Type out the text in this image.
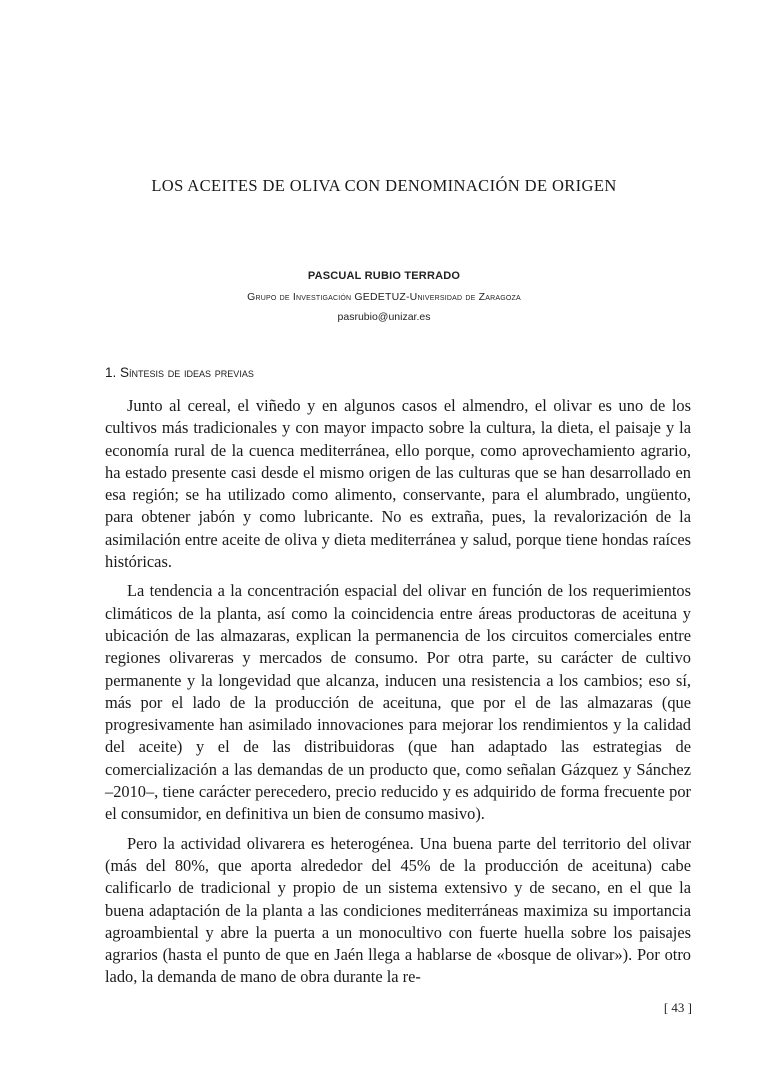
LOS ACEITES DE OLIVA CON DENOMINACIÓN DE ORIGEN
PASCUAL RUBIO TERRADO
Grupo de Investigación GEDETUZ-Universidad de Zaragoza
pasrubio@unizar.es
1. Síntesis de ideas previas

Junto al cereal, el viñedo y en algunos casos el almendro, el olivar es uno de los cultivos más tradicionales y con mayor impacto sobre la cultura, la dieta, el paisaje y la economía rural de la cuenca mediterránea, ello porque, como aprovechamiento agrario, ha estado presente casi desde el mismo origen de las culturas que se han desarrollado en esa región; se ha utilizado como alimento, conservante, para el alumbrado, ungüento, para obtener jabón y como lubricante. No es extraña, pues, la revalorización de la asimilación entre aceite de oliva y dieta mediterránea y salud, porque tiene hondas raíces históricas.

La tendencia a la concentración espacial del olivar en función de los requerimientos climáticos de la planta, así como la coincidencia entre áreas productoras de aceituna y ubicación de las almazaras, explican la permanencia de los circuitos comerciales entre regiones olivareras y mercados de consumo. Por otra parte, su carácter de cultivo permanente y la longevidad que alcanza, inducen una resistencia a los cambios; eso sí, más por el lado de la producción de aceituna, que por el de las almazaras (que progresivamente han asimilado innovaciones para mejorar los rendimientos y la calidad del aceite) y el de las distribuidoras (que han adaptado las estrategias de comercialización a las demandas de un producto que, como señalan Gázquez y Sánchez –2010–, tiene carácter perecedero, precio reducido y es adquirido de forma frecuente por el consumidor, en definitiva un bien de consumo masivo).

Pero la actividad olivarera es heterogénea. Una buena parte del territorio del olivar (más del 80%, que aporta alrededor del 45% de la producción de aceituna) cabe calificarlo de tradicional y propio de un sistema extensivo y de secano, en el que la buena adaptación de la planta a las condiciones mediterráneas maximiza su importancia agroambiental y abre la puerta a un monocultivo con fuerte huella sobre los paisajes agrarios (hasta el punto de que en Jaén llega a hablarse de «bosque de olivar»). Por otro lado, la demanda de mano de obra durante la re-

[ 43 ]
